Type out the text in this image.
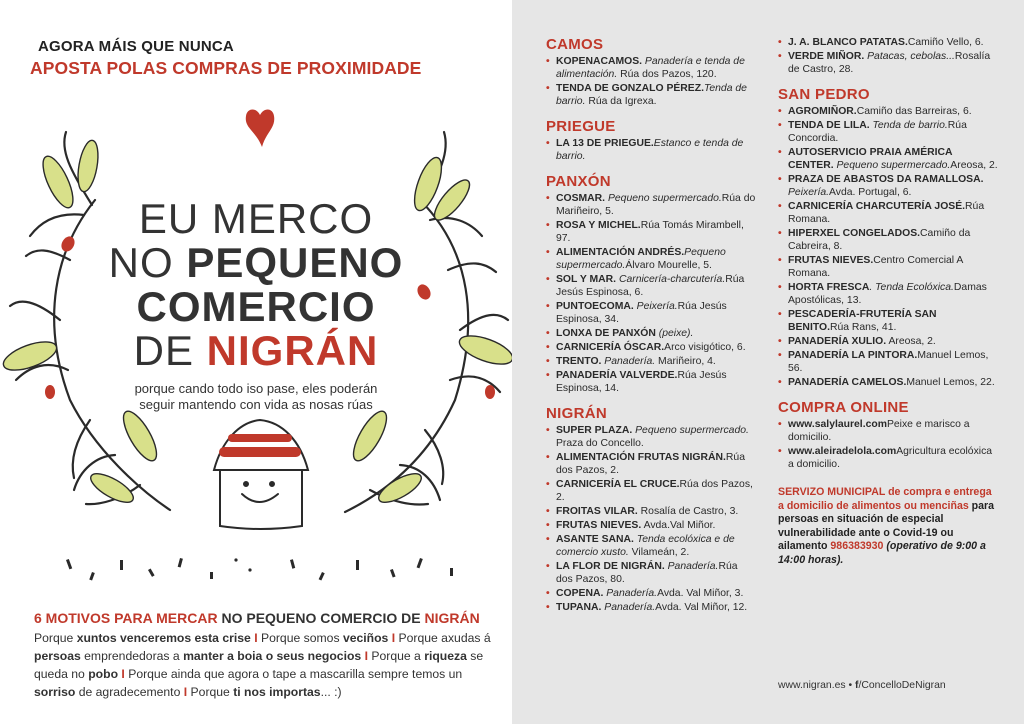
AGORA MÁIS QUE NUNCA
APOSTA POLAS COMPRAS DE PROXIMIDADE
EU MERCO
NO PEQUENO
COMERCIO
DE NIGRÁN
porque cando todo iso pase, eles poderán
seguir mantendo con vida as nosas rúas
6 MOTIVOS PARA MERCAR NO PEQUENO COMERCIO DE NIGRÁN
Porque xuntos venceremos esta crise I Porque somos veciños I Porque axudas á persoas emprendedoras a manter a boia o seus negocios I Porque a riqueza se queda no pobo I Porque ainda que agora o tape a mascarilla sempre temos un sorriso de agradecemento I Porque ti nos importas... :)
CAMOS
• KOPENACAMOS. Panadería e tenda de alimentación. Rúa dos Pazos, 120.
• TENDA DE GONZALO PÉREZ.Tenda de barrio. Rúa da Igrexa.
PRIEGUE
• LA 13 DE PRIEGUE.Estanco e tenda de barrio.
PANXÓN
• COSMAR. Pequeno supermercado.Rúa do Mariñeiro, 5.
• ROSA Y MICHEL.Rúa Tomás Mirambell, 97.
• ALIMENTACIÓN ANDRÉS.Pequeno supermercado.Álvaro Mourelle, 5.
• SOL Y MAR. Carnicería-charcutería.Rúa Jesús Espinosa, 6.
• PUNTOECOMA. Peixería.Rúa Jesús Espinosa, 34.
• LONXA DE PANXÓN (peixe).
• CARNICERÍA ÓSCAR.Arco visigótico, 6.
• TRENTO. Panadería. Mariñeiro, 4.
• PANADERÍA VALVERDE.Rúa Jesús Espinosa, 14.
NIGRÁN
• SUPER PLAZA. Pequeno supermercado. Praza do Concello.
• ALIMENTACIÓN FRUTAS NIGRÁN.Rúa dos Pazos, 2.
• CARNICERÍA EL CRUCE.Rúa dos Pazos, 2.
• FROITAS VILAR. Rosalía de Castro, 3.
• FRUTAS NIEVES. Avda.Val Miñor.
• ASANTE SANA. Tenda ecolóxica e de comercio xusto. Vilameán, 2.
• LA FLOR DE NIGRÁN. Panadería.Rúa dos Pazos, 80.
• COPENA. Panadería.Avda. Val Miñor, 3.
• TUPANA. Panadería.Avda. Val Miñor, 12.
• J. A. BLANCO PATATAS.Camiño Vello, 6.
• VERDE MIÑOR. Patacas, cebolas...Rosalía de Castro, 28.
SAN PEDRO
• AGROMIÑOR.Camiño das Barreiras, 6.
• TENDA DE LILA. Tenda de barrio.Rúa Concordia.
• AUTOSERVICIO PRAIA AMÉRICA CENTER. Pequeno supermercado.Areosa, 2.
• PRAZA DE ABASTOS DA RAMALLOSA. Peixería.Avda. Portugal, 6.
• CARNICERÍA CHARCUTERÍA JOSÉ.Rúa Romana.
• HIPERXEL CONGELADOS.Camiño da Cabreira, 8.
• FRUTAS NIEVES.Centro Comercial A Romana.
• HORTA FRESCA. Tenda Ecolóxica.Damas Apostólicas, 13.
• PESCADERÍA-FRUTERÍA SAN BENITO.Rúa Rans, 41.
• PANADERÍA XULIO. Areosa, 2.
• PANADERÍA LA PINTORA.Manuel Lemos, 56.
• PANADERÍA CAMELOS.Manuel Lemos, 22.
COMPRA ONLINE
• www.salylaurel.comPeixe e marisco a domicilio.
• www.aleiradelola.comAgricultura ecolóxica a domicilio.
SERVIZO MUNICIPAL de compra e entrega a domicilio de alimentos ou menciñas para persoas en situación de especial vulnerabilidade ante o Covid-19 ou ailamento 986383930 (operativo de 9:00 a 14:00 horas).
www.nigran.es • f/ConcelloDeNigran
